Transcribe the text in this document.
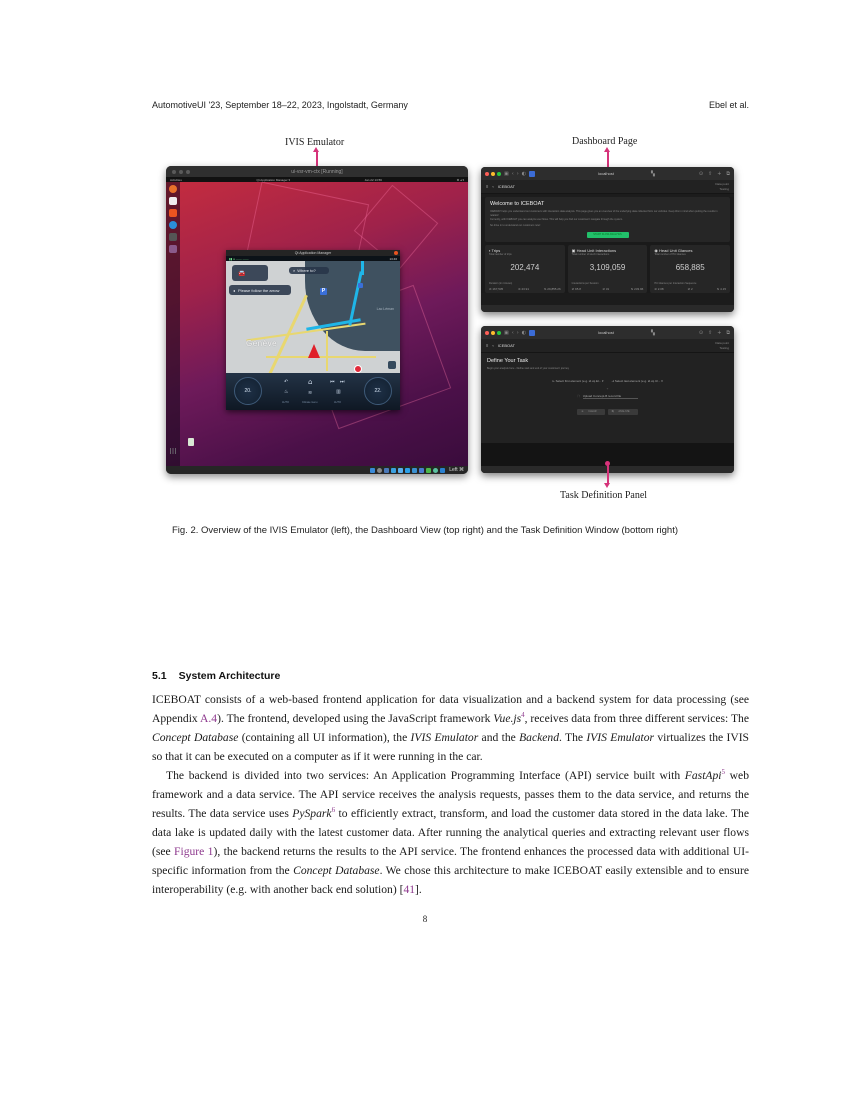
AutomotiveUI '23, September 18–22, 2023, Ingolstadt, Germany	Ebel et al.
IVIS Emulator	Dashboard Page
ui-vsr-vm-ctx [Running]
Activities	Qt Application Manager ▾	Jan 22 13:56	⚙ ◂ ▾
Qt Application Manager
▮▮ ● —— ——	13:46
🚘	⌕ Where to?
◂ Please follow the arrow	P
Genève
Lac Léman
20.
↶	⌂	⏮ ⏭
♨	≋	▥
AUTO	Climate menu	AUTO
22.
Left ⌘
▣ ‹ › ◐	localhost	▚	⊙ ⇪ + ⧉
≡ ‹ ICEBOAT	Data point
Testing
Welcome to ICEBOAT

ICEBOAT helps you understand our customers with interaction data analysis. This page gives you an overview of the underlying data collected from our vehicles. Keep this in mind when putting the results in relation!

Currently, with ICEBOAT you can analyze user flows. This will help you find our customers' navigate through the system.

So drive in to understand our customers now!

START FLOW ANALYSIS
▪ Trips
Total number of trips
202,474
Duration (in minutes)
⊘ 167,535	⊘ 23.91	⇅ 29,855.26
▣ Head Unit Interactions
Total number of touch interactions
3,109,059
Interactions per Session
⊘ 95.8	⊘ 31	⇅ 233.96
◉ Head Unit Glances
Total number of HU Glances
658,885
HU Glances per Interaction Sequence
⊘ 2.08	⊘ 2	⇅ 4.15
▣ ‹ › ◐	localhost	▚	⊙ ⇪ + ⧉
≡ ‹ ICEBOAT	Data point
Testing
Define Your Task
Begin your analysis here - Define start and end of your customers' journey
⇤ Select first element (e.g. id.vq.El... ▾	⇥ Select last element (e.g. id.vq.Ul... ▾
+
🗎 Upload Concept-B record file
⊗ CLEAR	⇆ ANALYZE
Task Definition Panel
Fig. 2. Overview of the IVIS Emulator (left), the Dashboard View (top right) and the Task Definition Window (bottom right)
5.1 System Architecture

ICEBOAT consists of a web-based frontend application for data visualization and a backend system for data processing (see Appendix A.4). The frontend, developed using the JavaScript framework Vue.js$^4$, receives data from three different services: The Concept Database (containing all UI information), the IVIS Emulator and the Backend. The IVIS Emulator virtualizes the IVIS so that it can be executed on a computer as if it were running in the car.

The backend is divided into two services: An Application Programming Interface (API) service built with FastApi$^5$ web framework and a data service. The API service receives the analysis requests, passes them to the data service, and returns the results. The data service uses PySpark$^6$ to efficiently extract, transform, and load the customer data stored in the data lake. The data lake is updated daily with the latest customer data. After running the analytical queries and extracting relevant user flows (see Figure 1), the backend returns the results to the API service. The frontend enhances the processed data with additional UI-specific information from the Concept Database. We chose this architecture to make ICEBOAT easily extensible and to ensure interoperability (e.g. with another back end solution) [41].

8
